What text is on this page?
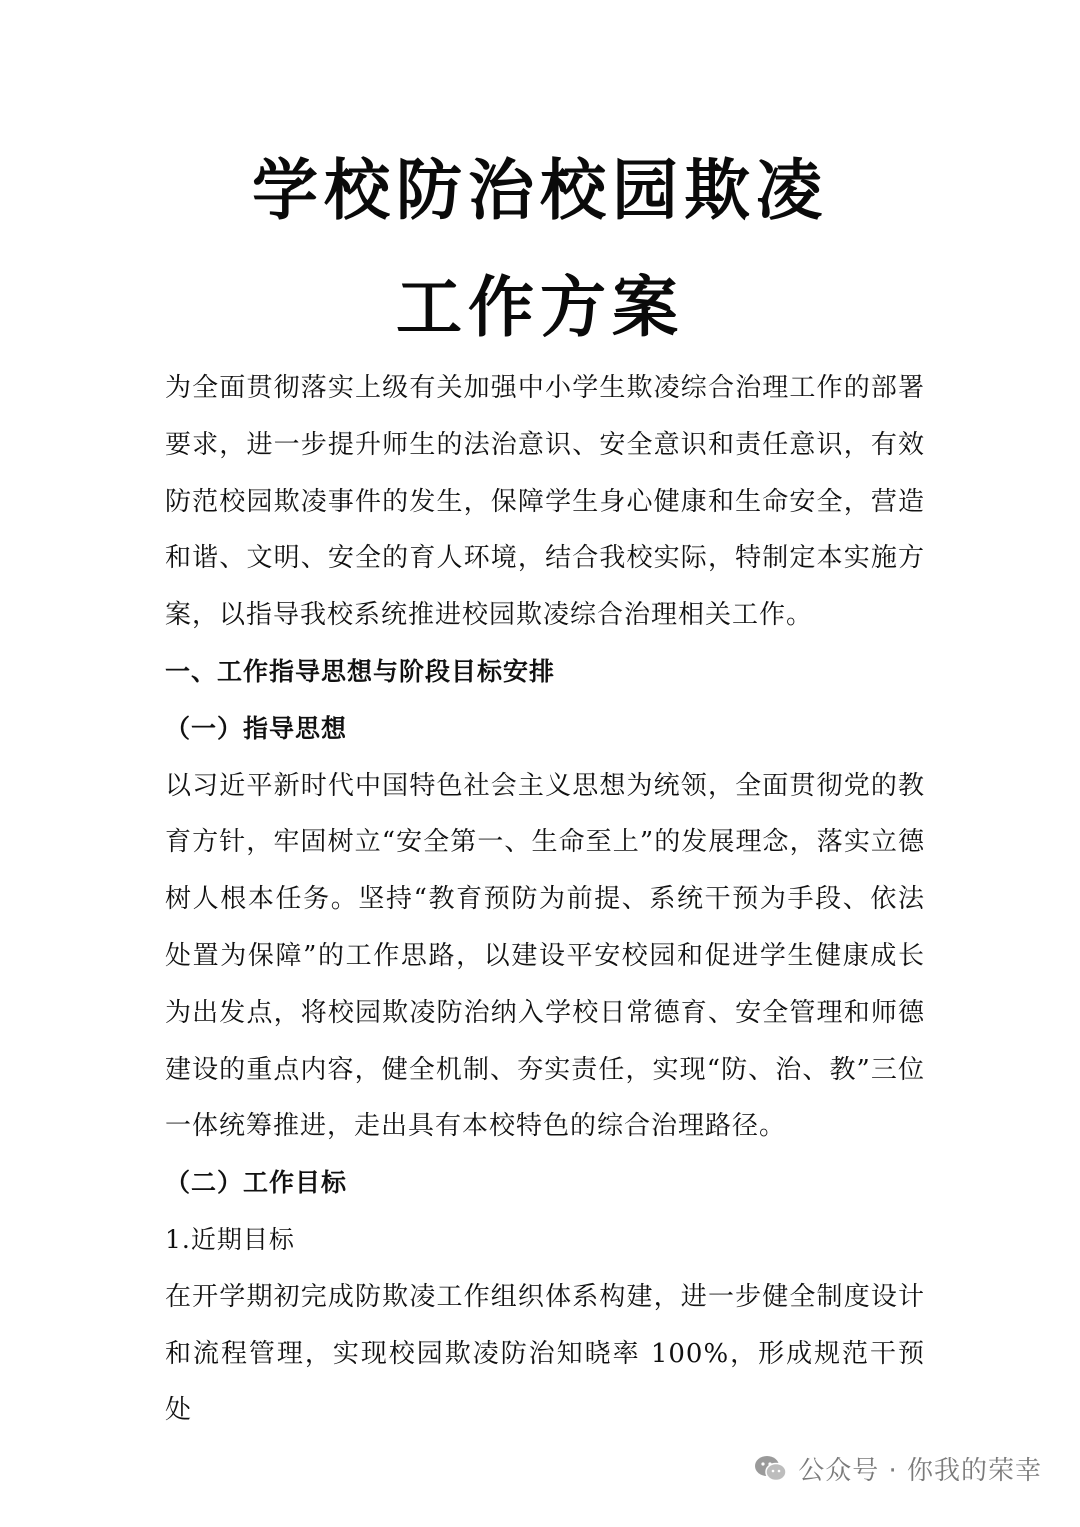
学校防治校园欺凌
工作方案

为全面贯彻落实上级有关加强中小学生欺凌综合治理工作的部署要求，进一步提升师生的法治意识、安全意识和责任意识，有效防范校园欺凌事件的发生，保障学生身心健康和生命安全，营造和谐、文明、安全的育人环境，结合我校实际，特制定本实施方案，以指导我校系统推进校园欺凌综合治理相关工作。

一、工作指导思想与阶段目标安排

（一）指导思想

以习近平新时代中国特色社会主义思想为统领，全面贯彻党的教育方针，牢固树立“安全第一、生命至上”的发展理念，落实立德树人根本任务。坚持“教育预防为前提、系统干预为手段、依法处置为保障”的工作思路，以建设平安校园和促进学生健康成长为出发点，将校园欺凌防治纳入学校日常德育、安全管理和师德建设的重点内容，健全机制、夯实责任，实现“防、治、教”三位一体统筹推进，走出具有本校特色的综合治理路径。

（二）工作目标

1.近期目标

在开学期初完成防欺凌工作组织体系构建，进一步健全制度设计和流程管理，实现校园欺凌防治知晓率 100%，形成规范干预处

公众号 · 你我的荣幸
